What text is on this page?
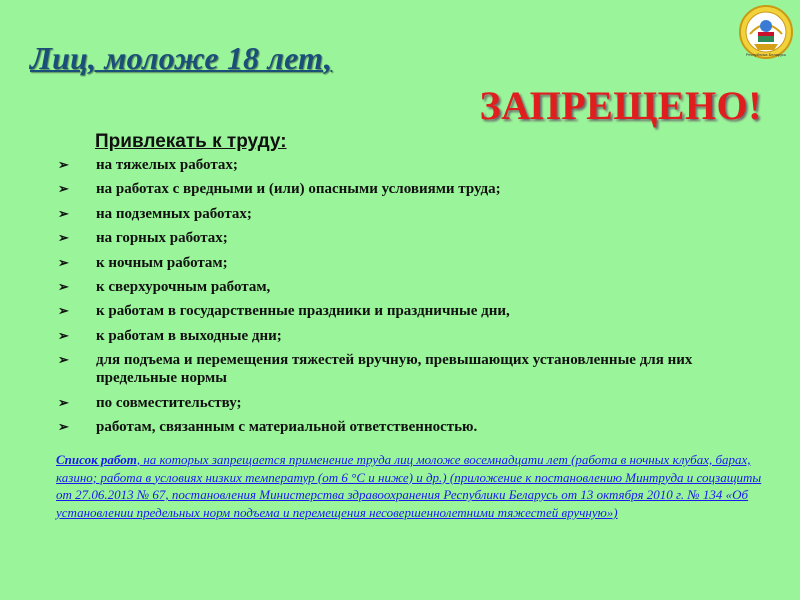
Лиц, моложе 18 лет,	Республика Беларусь
ЗАПРЕЩЕНО!
Привлекать к труду:
➢ на тяжелых работах;
➢ на работах с вредными и (или) опасными условиями труда;
➢ на подземных работах;
➢ на горных работах;
➢ к ночным работам;
➢ к сверхурочным работам,
➢ к работам в государственные праздники и праздничные дни,
➢ к работам в выходные дни;
➢ для подъема и перемещения тяжестей вручную, превышающих установленные для них предельные нормы
➢ по совместительству;
➢ работам, связанным с материальной ответственностью.

Список работ, на которых запрещается применение труда лиц моложе восемнадцати лет (работа в ночных клубах, барах, казино; работа в условиях низких температур (от 6 °С и ниже) и др.) (приложение к постановлению Минтруда и соцзащиты от 27.06.2013 № 67, постановления Министерства здравоохранения Республики Беларусь от 13 октября 2010 г. № 134 «Об установлении предельных норм подъема и перемещения несовершеннолетними тяжестей вручную»)
